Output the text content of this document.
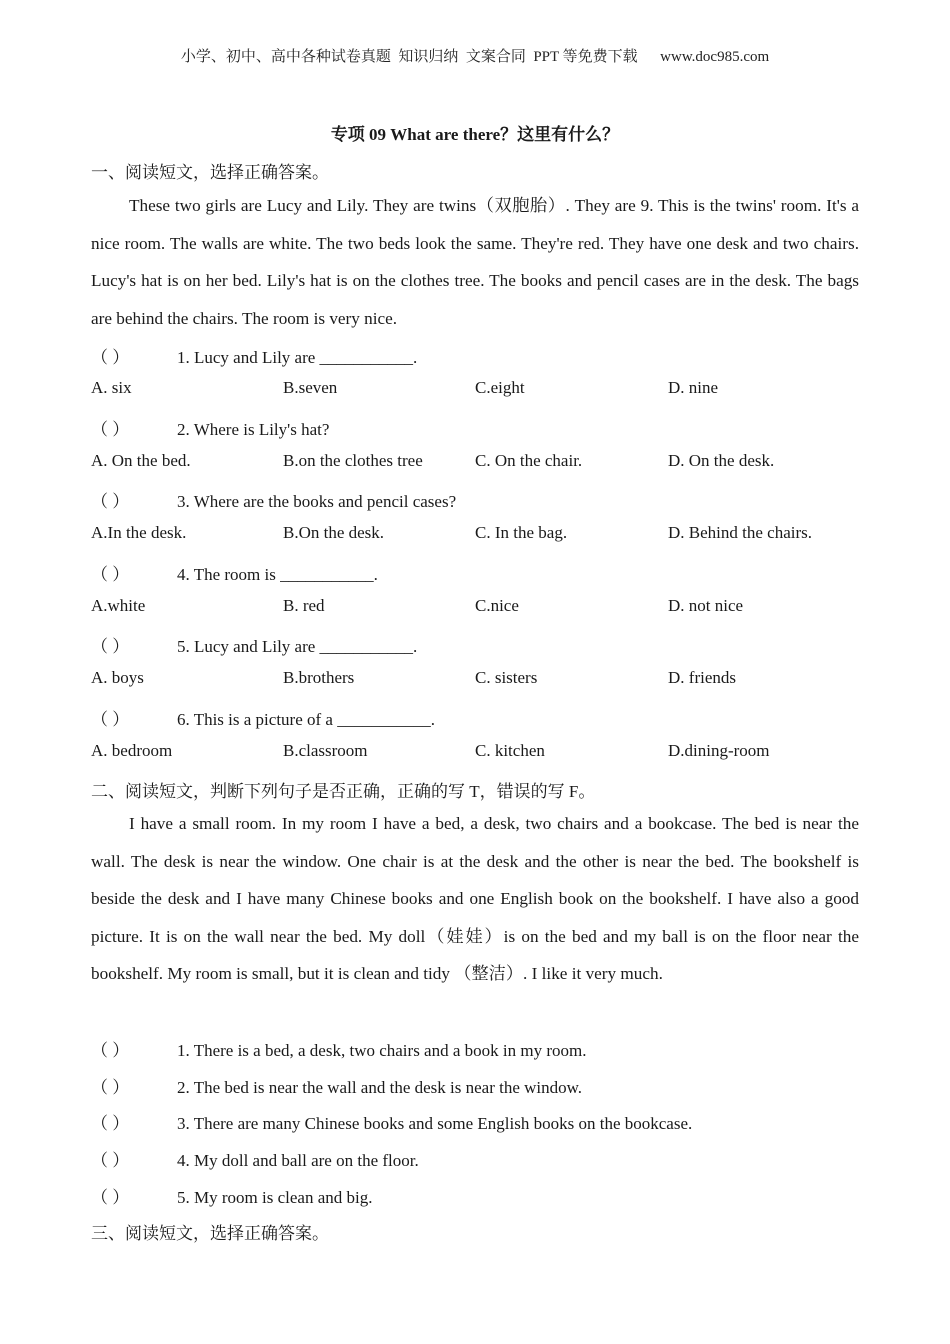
小学、初中、高中各种试卷真题  知识归纳  文案合同  PPT 等免费下载      www.doc985.com
专项 09 What are there？这里有什么？
一、阅读短文，选择正确答案。
These two girls are Lucy and Lily. They are twins（双胞胎）. They are 9. This is the twins' room. It's a nice room. The walls are white. The two beds look the same. They're red. They have one desk and two chairs. Lucy's hat is on her bed. Lily's hat is on the clothes tree. The books and pencil cases are in the desk. The bags are behind the chairs. The room is very nice.
（ ）	1. Lucy and Lily are ___________.
A. six	B.seven	C.eight	D. nine
（ ）	2. Where is Lily's hat?
A. On the bed.	B.on the clothes tree	C. On the chair.	D. On the desk.
（ ）	3. Where are the books and pencil cases?
A.In the desk.	B.On the desk.	C. In the bag.	D. Behind the chairs.
（ ）	4. The room is ___________.
A.white	B. red	C.nice	D. not nice
（ ）	5. Lucy and Lily are ___________.
A. boys	B.brothers	C. sisters	D. friends
（ ）	6. This is a picture of a ___________.
A. bedroom	B.classroom	C. kitchen	D.dining-room
二、阅读短文，判断下列句子是否正确，正确的写 T，错误的写 F。
I have a small room. In my room I have a bed, a desk, two chairs and a bookcase. The bed is near the wall. The desk is near the window. One chair is at the desk and the other is near the bed. The bookshelf is beside the desk and I have many Chinese books and one English book on the bookshelf. I have also a good picture. It is on the wall near the bed. My doll（娃娃）is on the bed and my ball is on the floor near the bookshelf. My room is small, but it is clean and tidy （整洁）. I like it very much.
（ ）	1. There is a bed, a desk, two chairs and a book in my room.
（ ）	2. The bed is near the wall and the desk is near the window.
（ ）	3. There are many Chinese books and some English books on the bookcase.
（ ）	4. My doll and ball are on the floor.
（ ）	5. My room is clean and big.
三、阅读短文，选择正确答案。
